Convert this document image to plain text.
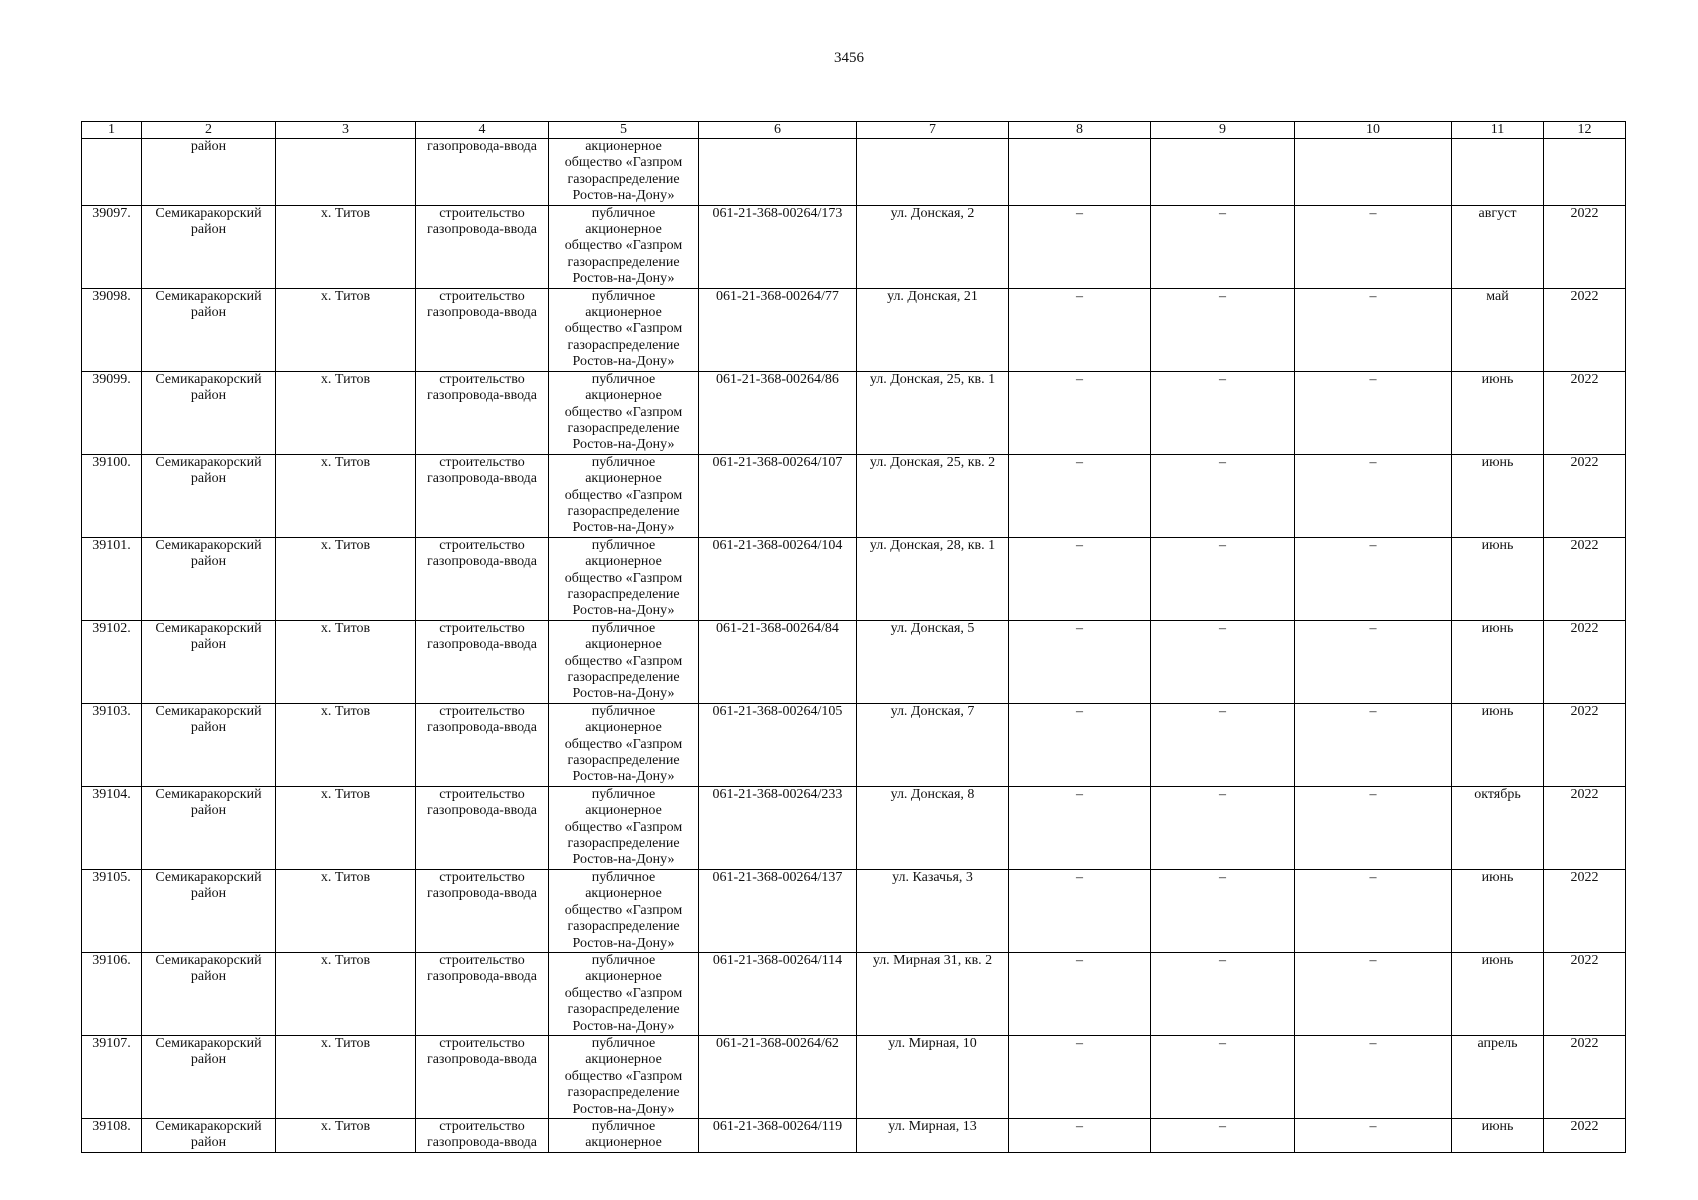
3456
1	2	3	4	5	6	7	8	9	10	11	12

	район		газопровода-ввода	акционерное
общество «Газпром
газораспределение
Ростов-на-Дону»							

39097.	Семикаракорский
район	х. Титов	строительство
газопровода-ввода	публичное
акционерное
общество «Газпром
газораспределение
Ростов-на-Дону»	061-21-368-00264/173	ул. Донская, 2	–	–	–	август	2022

39098.	Семикаракорский
район	х. Титов	строительство
газопровода-ввода	публичное
акционерное
общество «Газпром
газораспределение
Ростов-на-Дону»	061-21-368-00264/77	ул. Донская, 21	–	–	–	май	2022

39099.	Семикаракорский
район	х. Титов	строительство
газопровода-ввода	публичное
акционерное
общество «Газпром
газораспределение
Ростов-на-Дону»	061-21-368-00264/86	ул. Донская, 25, кв. 1	–	–	–	июнь	2022

39100.	Семикаракорский
район	х. Титов	строительство
газопровода-ввода	публичное
акционерное
общество «Газпром
газораспределение
Ростов-на-Дону»	061-21-368-00264/107	ул. Донская, 25, кв. 2	–	–	–	июнь	2022

39101.	Семикаракорский
район	х. Титов	строительство
газопровода-ввода	публичное
акционерное
общество «Газпром
газораспределение
Ростов-на-Дону»	061-21-368-00264/104	ул. Донская, 28, кв. 1	–	–	–	июнь	2022

39102.	Семикаракорский
район	х. Титов	строительство
газопровода-ввода	публичное
акционерное
общество «Газпром
газораспределение
Ростов-на-Дону»	061-21-368-00264/84	ул. Донская, 5	–	–	–	июнь	2022

39103.	Семикаракорский
район	х. Титов	строительство
газопровода-ввода	публичное
акционерное
общество «Газпром
газораспределение
Ростов-на-Дону»	061-21-368-00264/105	ул. Донская, 7	–	–	–	июнь	2022

39104.	Семикаракорский
район	х. Титов	строительство
газопровода-ввода	публичное
акционерное
общество «Газпром
газораспределение
Ростов-на-Дону»	061-21-368-00264/233	ул. Донская, 8	–	–	–	октябрь	2022

39105.	Семикаракорский
район	х. Титов	строительство
газопровода-ввода	публичное
акционерное
общество «Газпром
газораспределение
Ростов-на-Дону»	061-21-368-00264/137	ул. Казачья, 3	–	–	–	июнь	2022

39106.	Семикаракорский
район	х. Титов	строительство
газопровода-ввода	публичное
акционерное
общество «Газпром
газораспределение
Ростов-на-Дону»	061-21-368-00264/114	ул. Мирная 31, кв. 2	–	–	–	июнь	2022

39107.	Семикаракорский
район	х. Титов	строительство
газопровода-ввода	публичное
акционерное
общество «Газпром
газораспределение
Ростов-на-Дону»	061-21-368-00264/62	ул. Мирная, 10	–	–	–	апрель	2022

39108.	Семикаракорский
район	х. Титов	строительство
газопровода-ввода	публичное
акционерное	061-21-368-00264/119	ул. Мирная, 13	–	–	–	июнь	2022
